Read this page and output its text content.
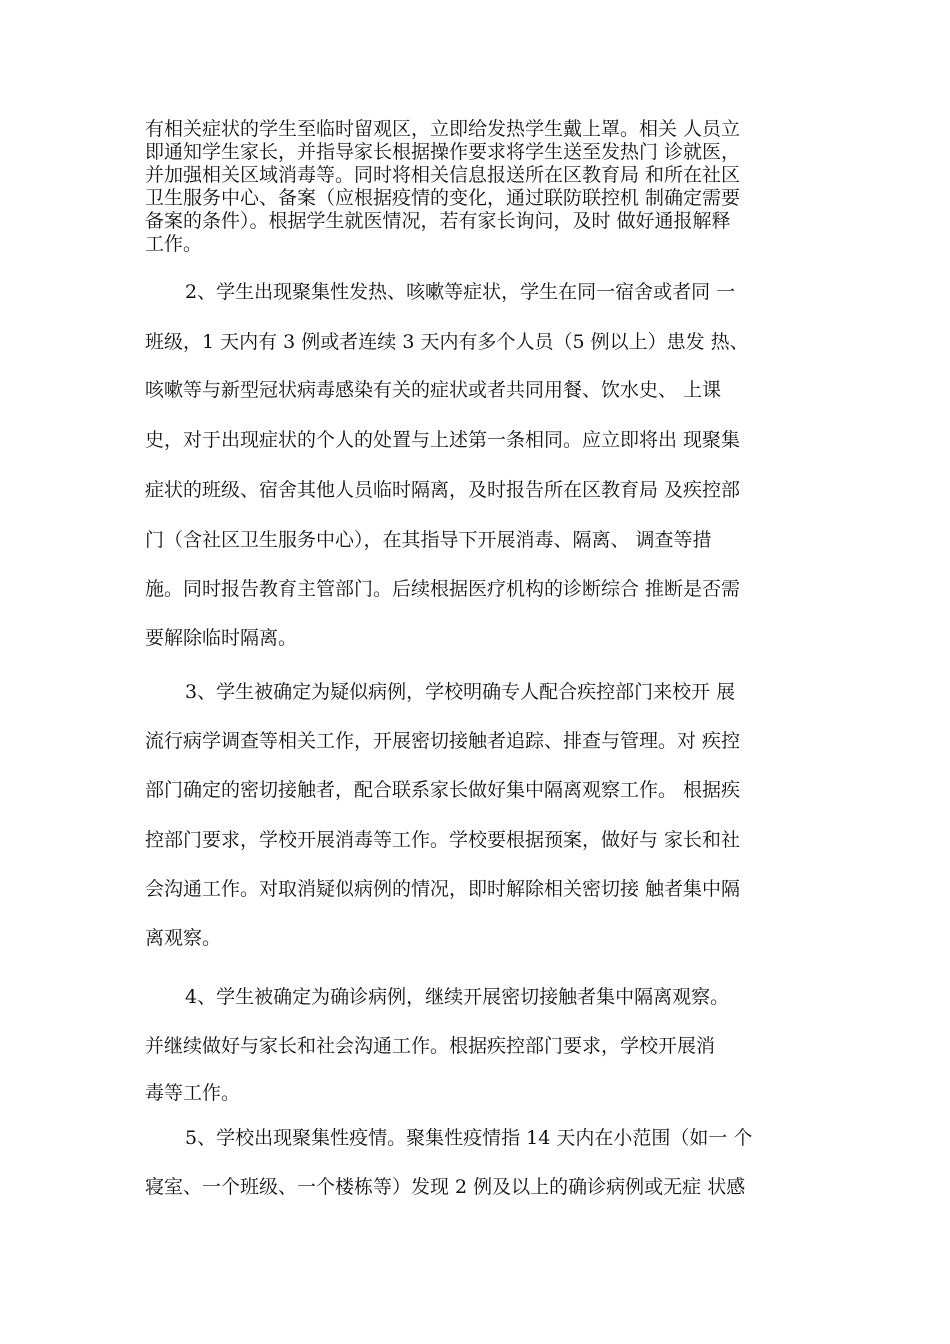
有相关症状的学生至临时留观区，立即给发热学生戴上罩。相关 人员立
即通知学生家长，并指导家长根据操作要求将学生送至发热门 诊就医，
并加强相关区域消毒等。同时将相关信息报送所在区教育局 和所在社区
卫生服务中心、备案（应根据疫情的变化，通过联防联控机 制确定需要
备案的条件）。根据学生就医情况，若有家长询问，及时 做好通报解释
工作。
2、学生出现聚集性发热、咳嗽等症状，学生在同一宿舍或者同 一
班级，1 天内有 3 例或者连续 3 天内有多个人员（5 例以上）患发 热、
咳嗽等与新型冠状病毒感染有关的症状或者共同用餐、饮水史、 上课
史，对于出现症状的个人的处置与上述第一条相同。应立即将出 现聚集
症状的班级、宿舍其他人员临时隔离，及时报告所在区教育局 及疾控部
门（含社区卫生服务中心），在其指导下开展消毒、隔离、 调查等措
施。同时报告教育主管部门。后续根据医疗机构的诊断综合 推断是否需
要解除临时隔离。
3、学生被确定为疑似病例，学校明确专人配合疾控部门来校开 展
流行病学调查等相关工作，开展密切接触者追踪、排查与管理。对 疾控
部门确定的密切接触者，配合联系家长做好集中隔离观察工作。 根据疾
控部门要求，学校开展消毒等工作。学校要根据预案，做好与 家长和社
会沟通工作。对取消疑似病例的情况，即时解除相关密切接 触者集中隔
离观察。
4、学生被确定为确诊病例，继续开展密切接触者集中隔离观察。
并继续做好与家长和社会沟通工作。根据疾控部门要求，学校开展消
毒等工作。
5、学校出现聚集性疫情。聚集性疫情指 14 天内在小范围（如一 个
寝室、一个班级、一个楼栋等）发现 2 例及以上的确诊病例或无症 状感
